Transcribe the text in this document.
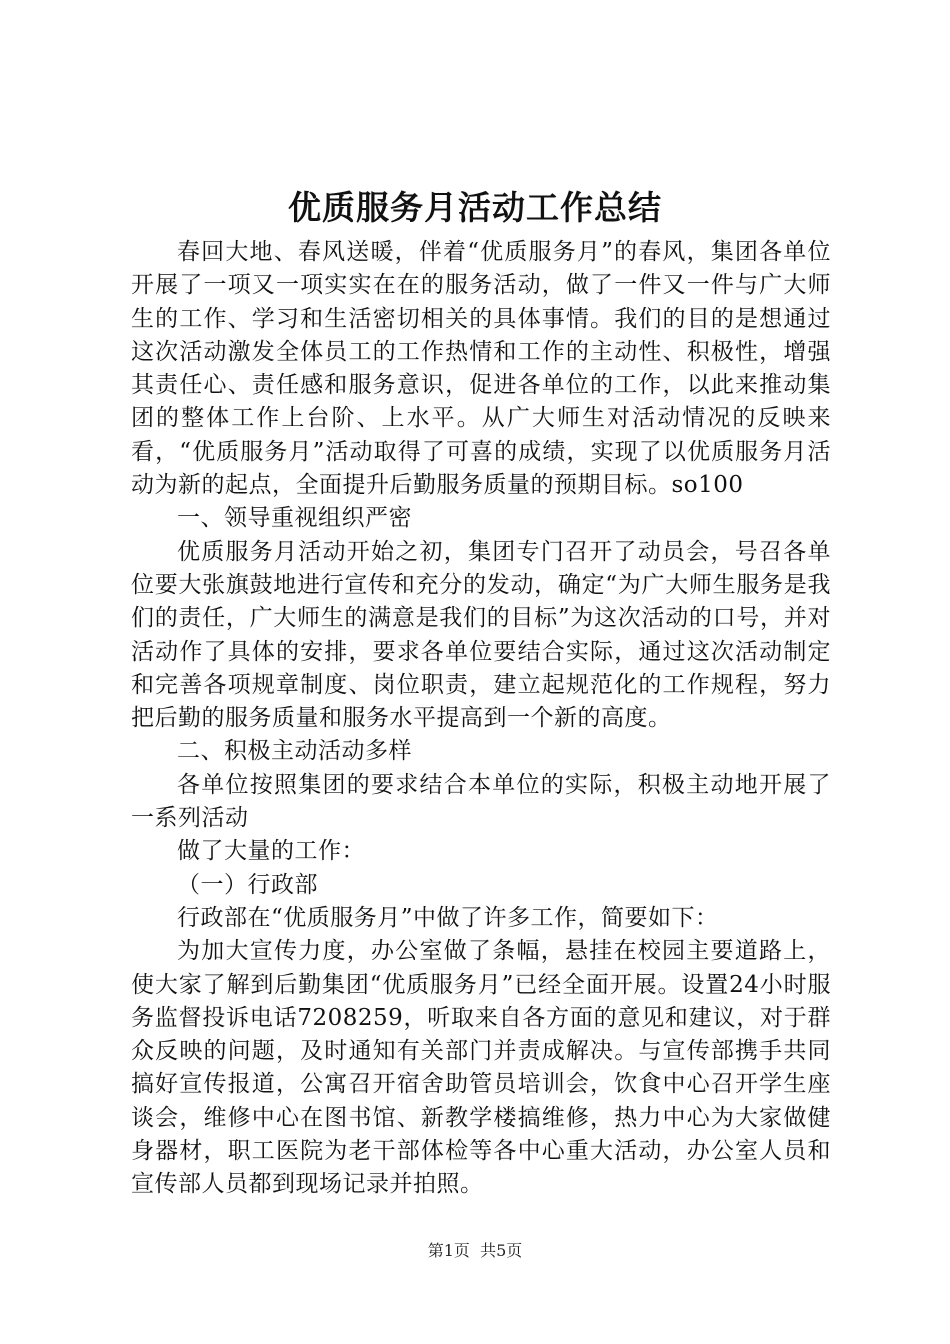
优质服务月活动工作总结

春回大地、春风送暖，伴着“优质服务月”的春风，集团各单位开展了一项又一项实实在在的服务活动，做了一件又一件与广大师生的工作、学习和生活密切相关的具体事情。我们的目的是想通过这次活动激发全体员工的工作热情和工作的主动性、积极性，增强其责任心、责任感和服务意识，促进各单位的工作，以此来推动集团的整体工作上台阶、上水平。从广大师生对活动情况的反映来看，“优质服务月”活动取得了可喜的成绩，实现了以优质服务月活动为新的起点，全面提升后勤服务质量的预期目标。so100

一、领导重视组织严密

优质服务月活动开始之初，集团专门召开了动员会，号召各单位要大张旗鼓地进行宣传和充分的发动，确定“为广大师生服务是我们的责任，广大师生的满意是我们的目标”为这次活动的口号，并对活动作了具体的安排，要求各单位要结合实际，通过这次活动制定和完善各项规章制度、岗位职责，建立起规范化的工作规程，努力把后勤的服务质量和服务水平提高到一个新的高度。

二、积极主动活动多样

各单位按照集团的要求结合本单位的实际，积极主动地开展了一系列活动

做了大量的工作：

（一）行政部

行政部在“优质服务月”中做了许多工作，简要如下：

为加大宣传力度，办公室做了条幅，悬挂在校园主要道路上，使大家了解到后勤集团“优质服务月”已经全面开展。设置24小时服务监督投诉电话7208259，听取来自各方面的意见和建议，对于群众反映的问题，及时通知有关部门并责成解决。与宣传部携手共同搞好宣传报道，公寓召开宿舍助管员培训会，饮食中心召开学生座谈会，维修中心在图书馆、新教学楼搞维修，热力中心为大家做健身器材，职工医院为老干部体检等各中心重大活动，办公室人员和宣传部人员都到现场记录并拍照。

第1页  共5页
